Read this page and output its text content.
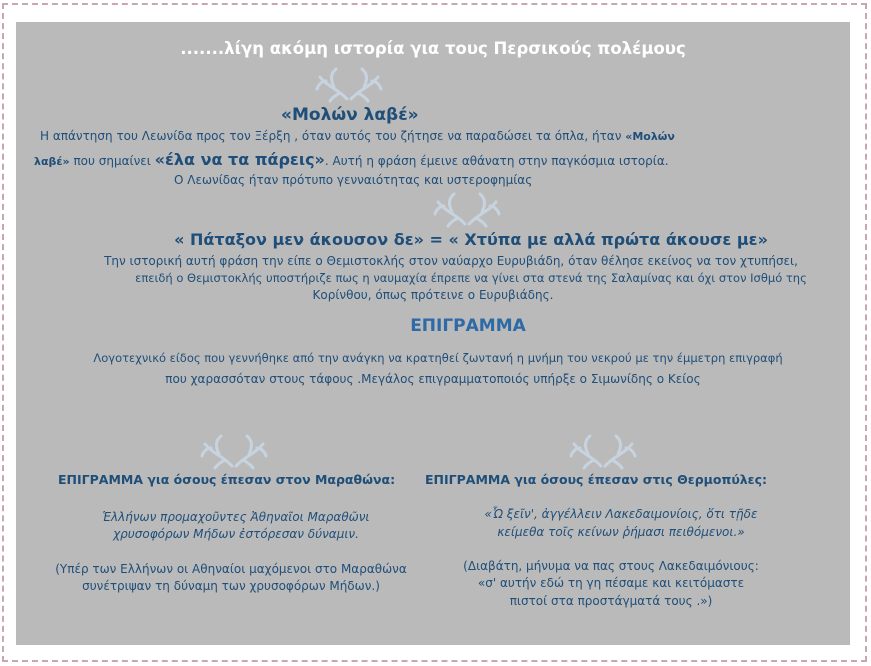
.......λίγη ακόμη ιστορία για τους Περσικούς πολέμους
«Μολών λαβέ»
Η απάντηση του Λεωνίδα προς τον Ξέρξη , όταν αυτός του ζήτησε να παραδώσει τα όπλα, ήταν «Μολών
λαβέ» που σημαίνει «έλα να τα πάρεις». Αυτή η φράση έμεινε αθάνατη στην παγκόσμια ιστορία.
Ο Λεωνίδας ήταν πρότυπο γενναιότητας και υστεροφημίας
« Πάταξον μεν άκουσον δε» = « Χτύπα με αλλά πρώτα άκουσε με»
Την ιστορική αυτή φράση την είπε ο Θεμιστοκλής στον ναύαρχο Ευρυβιάδη, όταν θέλησε εκείνος να τον χτυπήσει,
επειδή ο Θεμιστοκλής υποστήριζε πως η ναυμαχία έπρεπε να γίνει στα στενά της Σαλαμίνας και όχι στον Ισθμό της
Κορίνθου, όπως πρότεινε ο Ευρυβιάδης.
ΕΠΙΓΡΑΜΜΑ
Λογοτεχνικό είδος που γεννήθηκε από την ανάγκη να κρατηθεί ζωντανή η μνήμη του νεκρού με την έμμετρη επιγραφή
που χαρασσόταν στους τάφους .Μεγάλος επιγραμματοποιός υπήρξε ο Σιμωνίδης ο Κείος
ΕΠΙΓΡΑΜΜΑ για όσους έπεσαν στον Μαραθώνα:
Ἑλλήνων προμαχοῦντες Ἀθηναῖοι Μαραθῶνι
χρυσοφόρων Μήδων ἐστόρεσαν δύναμιν.
(Υπέρ των Ελλήνων οι Αθηναίοι μαχόμενοι στο Μαραθώνα
συνέτριψαν τη δύναμη των χρυσοφόρων Μήδων.)
ΕΠΙΓΡΑΜΜΑ για όσους έπεσαν στις Θερμοπύλες:
«Ὦ ξεῖν', ἀγγέλλειν Λακεδαιμονίοις, ὅτι τῇδε
κείμεθα τοῖς κείνων ῥήμασι πειθόμενοι.»
(Διαβάτη, μήνυμα να πας στους Λακεδαιμόνιους:
«σ' αυτήν εδώ τη γη πέσαμε και κειτόμαστε
πιστοί στα προστάγματά τους .»)
